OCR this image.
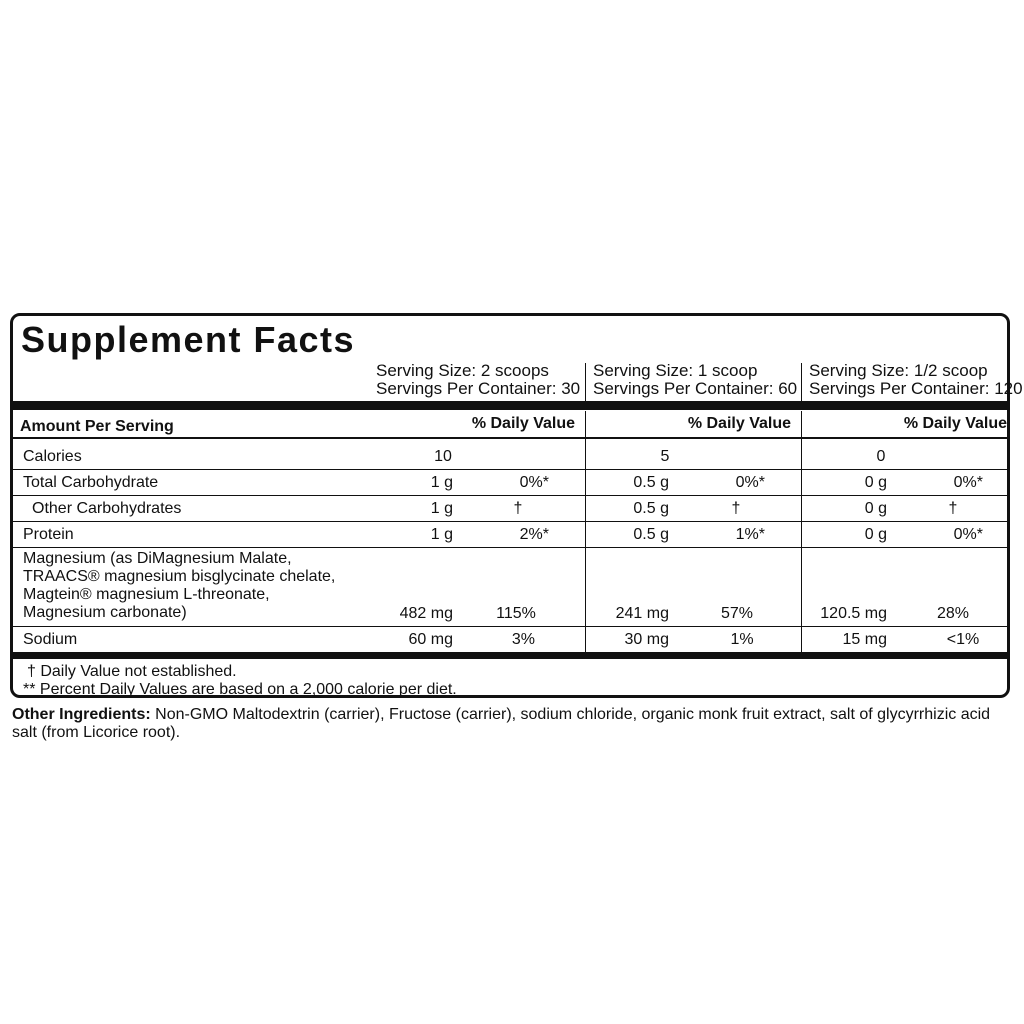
Supplement Facts
Serving Size: 2 scoops
Servings Per Container: 30
Serving Size: 1 scoop
Servings Per Container: 60
Serving Size: 1/2 scoop
Servings Per Container: 120
Amount Per Serving	% Daily Value	% Daily Value	% Daily Value
Calories	10	5	0
Total Carbohydrate	1 g	0%*	0.5 g	0%*	0 g	0%*
Other Carbohydrates	1 g	†	0.5 g	†	0 g	†
Protein	1 g	2%*	0.5 g	1%*	0 g	0%*
Magnesium (as DiMagnesium Malate,
TRAACS® magnesium bisglycinate chelate,
Magtein® magnesium L-threonate,
Magnesium carbonate)	482 mg	115%	241 mg	57%	120.5 mg	28%
Sodium	60 mg	3%	30 mg	1%	15 mg	<1%
† Daily Value not established.
** Percent Daily Values are based on a 2,000 calorie per diet.
Other Ingredients: Non-GMO Maltodextrin (carrier), Fructose (carrier), sodium chloride, organic monk fruit extract, salt of glycyrrhizic acid salt (from Licorice root).
